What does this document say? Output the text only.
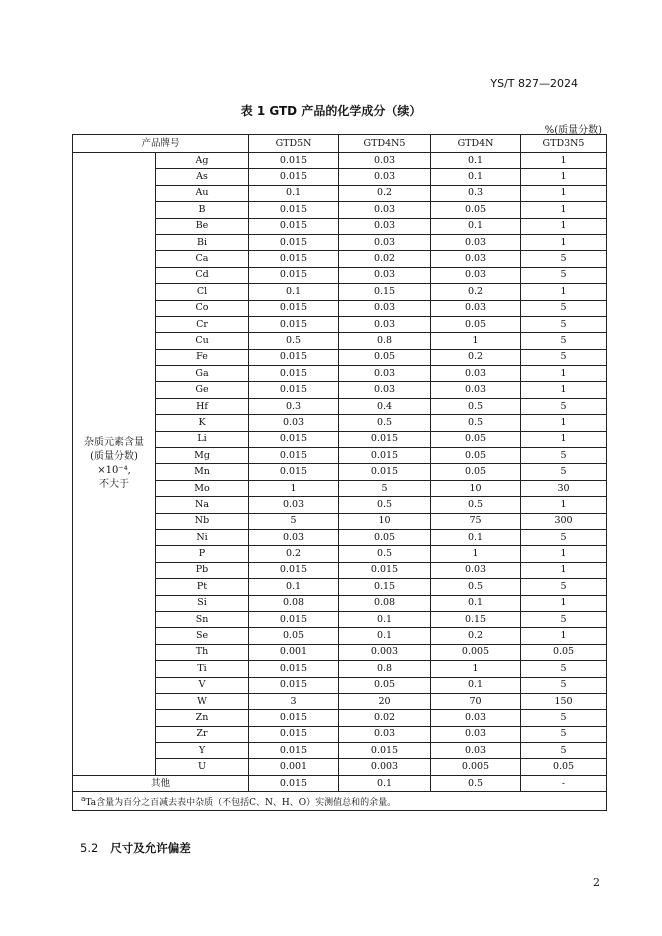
YS/T 827—2024
表 1 GTD 产品的化学成分（续）
%(质量分数)
产品牌号		GTD5N	GTD4N5	GTD4N	GTD3N5

杂质元素含量
(质量分数)
×10⁻⁴,
不大于	Ag	0.015	0.03	0.1	1
	As	0.015	0.03	0.1	1
	Au	0.1	0.2	0.3	1
	B	0.015	0.03	0.05	1
	Be	0.015	0.03	0.1	1
	Bi	0.015	0.03	0.03	1
	Ca	0.015	0.02	0.03	5
	Cd	0.015	0.03	0.03	5
	Cl	0.1	0.15	0.2	1
	Co	0.015	0.03	0.03	5
	Cr	0.015	0.03	0.05	5
	Cu	0.5	0.8	1	5
	Fe	0.015	0.05	0.2	5
	Ga	0.015	0.03	0.03	1
	Ge	0.015	0.03	0.03	1
	Hf	0.3	0.4	0.5	5
	K	0.03	0.5	0.5	1
	Li	0.015	0.015	0.05	1
	Mg	0.015	0.015	0.05	5
	Mn	0.015	0.015	0.05	5
	Mo	1	5	10	30
	Na	0.03	0.5	0.5	1
	Nb	5	10	75	300
	Ni	0.03	0.05	0.1	5
	P	0.2	0.5	1	1
	Pb	0.015	0.015	0.03	1
	Pt	0.1	0.15	0.5	5
	Si	0.08	0.08	0.1	1
	Sn	0.015	0.1	0.15	5
	Se	0.05	0.1	0.2	1
	Th	0.001	0.003	0.005	0.05
	Ti	0.015	0.8	1	5
	V	0.015	0.05	0.1	5
	W	3	20	70	150
	Zn	0.015	0.02	0.03	5
	Zr	0.015	0.03	0.03	5
	Y	0.015	0.015	0.03	5
	U	0.001	0.003	0.005	0.05
其他		0.015	0.1	0.5	-
$^a$Ta含量为百分之百减去表中杂质（不包括C、N、H、O）实测值总和的余量。					
5.2 尺寸及允许偏差
2
